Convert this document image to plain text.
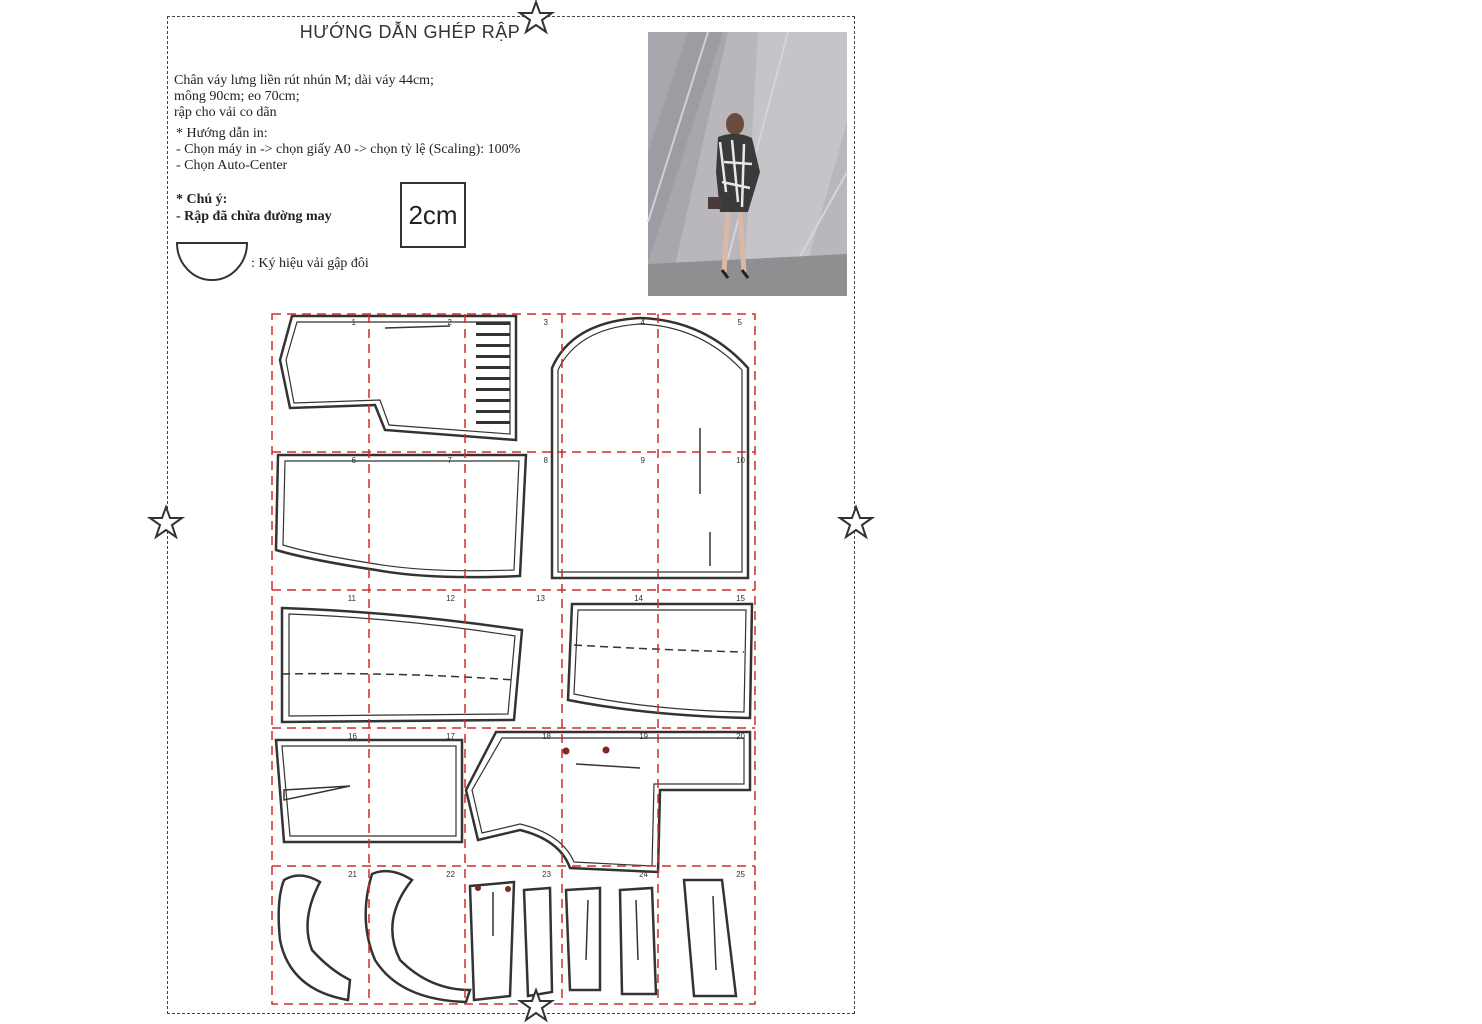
HƯỚNG DẪN GHÉP RẬP
Chân váy lưng liền rút nhún M; dài váy 44cm;
mông 90cm; eo 70cm;
rập cho vải co dãn
* Hướng dẫn in:
- Chọn máy in -> chọn giấy A0 -> chọn tỷ lệ (Scaling): 100%
- Chọn Auto-Center
* Chú ý:
- Rập đã chừa đường may	2cm
: Ký hiệu vải gập đôi
NGANKIM
1	2	3	4	5
6	7	8	9	10
11	12	13	14	15
16	17	18	19	20
21	22	23	24	25
